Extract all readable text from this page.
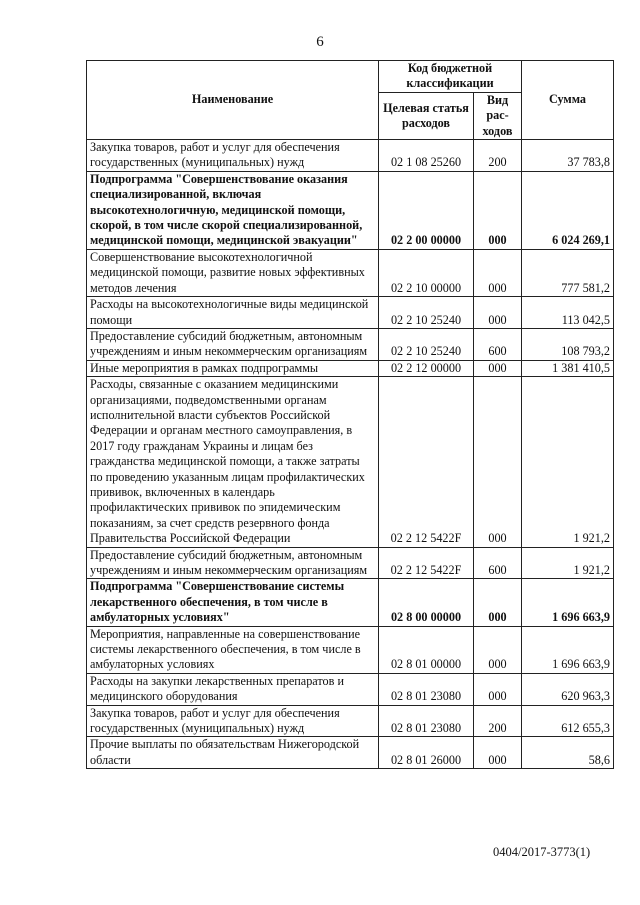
6
Наименование	Код бюджетной классификации		Сумма
	Целевая статья расходов	Вид рас-ходов	
Закупка товаров, работ и услуг для обеспечения государственных (муниципальных) нужд	02 1 08 25260	200	37 783,8
Подпрограмма "Совершенствование оказания специализированной, включая высокотехнологичную, медицинской помощи, скорой, в том числе скорой специализированной, медицинской помощи, медицинской эвакуации"	02 2 00 00000	000	6 024 269,1
Совершенствование высокотехнологичной медицинской помощи, развитие новых эффективных методов лечения	02 2 10 00000	000	777 581,2
Расходы на высокотехнологичные виды медицинской помощи	02 2 10 25240	000	113 042,5
Предоставление субсидий бюджетным, автономным учреждениям и иным некоммерческим организациям	02 2 10 25240	600	108 793,2
Иные мероприятия в рамках подпрограммы	02 2 12 00000	000	1 381 410,5
Расходы, связанные с оказанием медицинскими организациями, подведомственными органам исполнительной власти субъектов Российской Федерации и органам местного самоуправления, в 2017 году гражданам Украины и лицам без гражданства медицинской помощи, а также затраты по проведению указанным лицам профилактических прививок, включенных в календарь профилактических прививок по эпидемическим показаниям, за счет средств резервного фонда Правительства Российской Федерации	02 2 12 5422F	000	1 921,2
Предоставление субсидий бюджетным, автономным учреждениям и иным некоммерческим организациям	02 2 12 5422F	600	1 921,2
Подпрограмма "Совершенствование системы лекарственного обеспечения, в том числе в амбулаторных условиях"	02 8 00 00000	000	1 696 663,9
Мероприятия, направленные на совершенствование системы лекарственного обеспечения, в том числе в амбулаторных условиях	02 8 01 00000	000	1 696 663,9
Расходы на закупки лекарственных препаратов и медицинского оборудования	02 8 01 23080	000	620 963,3
Закупка товаров, работ и услуг для обеспечения государственных (муниципальных) нужд	02 8 01 23080	200	612 655,3
Прочие выплаты по обязательствам Нижегородской области	02 8 01 26000	000	58,6
0404/2017-3773(1)
